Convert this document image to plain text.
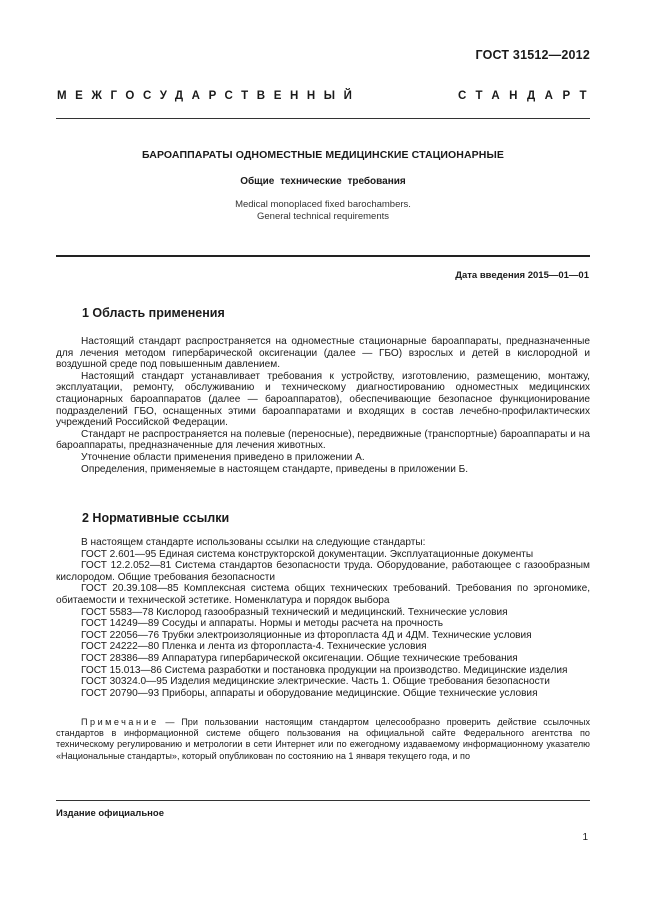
ГОСТ 31512—2012
МЕЖГОСУДАРСТВЕННЫЙ	СТАНДАРТ
БАРОАППАРАТЫ ОДНОМЕСТНЫЕ МЕДИЦИНСКИЕ СТАЦИОНАРНЫЕ
Общие технические требования
Medical monoplaced fixed barochambers.
General technical requirements
Дата введения 2015—01—01
1 Область применения

Настоящий стандарт распространяется на одноместные стационарные бароаппараты, предназначенные для лечения методом гипербарической оксигенации (далее — ГБО) взрослых и детей в кислородной и воздушной среде под повышенным давлением.

Настоящий стандарт устанавливает требования к устройству, изготовлению, размещению, монтажу, эксплуатации, ремонту, обслуживанию и техническому диагностированию одноместных медицинских стационарных бароаппаратов (далее — бароаппаратов), обеспечивающие безопасное функционирование подразделений ГБО, оснащенных этими бароаппаратами и входящих в состав лечебно-профилактических учреждений Российской Федерации.

Стандарт не распространяется на полевые (переносные), передвижные (транспортные) бароаппараты и на бароаппараты, предназначенные для лечения животных.

Уточнение области применения приведено в приложении А.

Определения, применяемые в настоящем стандарте, приведены в приложении Б.

2 Нормативные ссылки

В настоящем стандарте использованы ссылки на следующие стандарты:

ГОСТ 2.601—95 Единая система конструкторской документации. Эксплуатационные документы

ГОСТ 12.2.052—81 Система стандартов безопасности труда. Оборудование, работающее с газообразным кислородом. Общие требования безопасности

ГОСТ 20.39.108—85 Комплексная система общих технических требований. Требования по эргономике, обитаемости и технической эстетике. Номенклатура и порядок выбора

ГОСТ 5583—78 Кислород газообразный технический и медицинский. Технические условия

ГОСТ 14249—89 Сосуды и аппараты. Нормы и методы расчета на прочность

ГОСТ 22056—76 Трубки электроизоляционные из фторопласта 4Д и 4ДМ. Технические условия

ГОСТ 24222—80 Пленка и лента из фторопласта-4. Технические условия

ГОСТ 28386—89 Аппаратура гипербарической оксигенации. Общие технические требования

ГОСТ 15.013—86 Система разработки и постановка продукции на производство. Медицинские изделия

ГОСТ 30324.0—95 Изделия медицинские электрические. Часть 1. Общие требования безопасности

ГОСТ 20790—93 Приборы, аппараты и оборудование медицинские. Общие технические условия

Примечание — При пользовании настоящим стандартом целесообразно проверить действие ссылочных стандартов в информационной системе общего пользования на официальной сайте Федерального агентства по техническому регулированию и метрологии в сети Интернет или по ежегодному издаваемому информационному указателю «Национальные стандарты», который опубликован по состоянию на 1 января текущего года, и по

Издание официальное
1
